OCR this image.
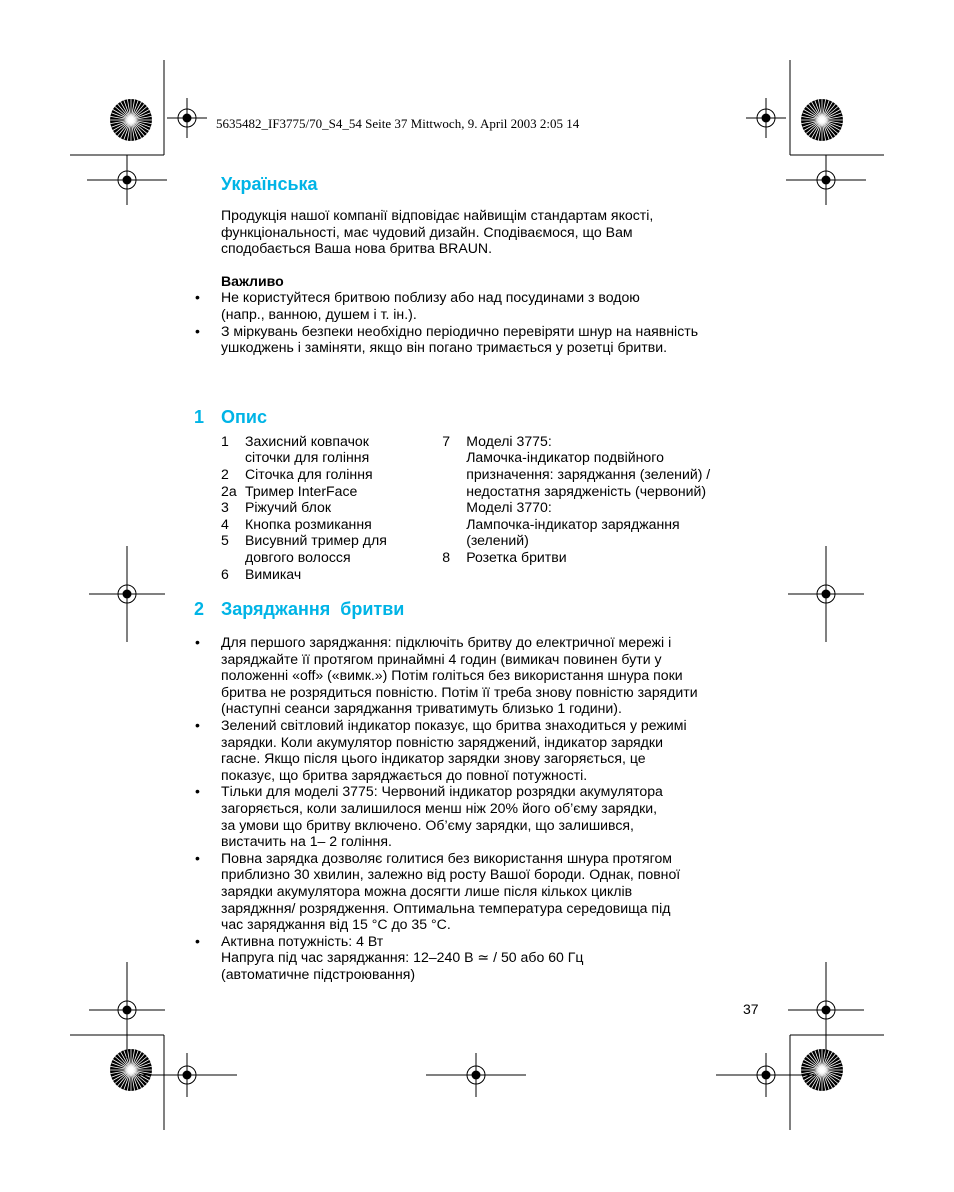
5635482_IF3775/70_S4_54 Seite 37 Mittwoch, 9. April 2003 2:05 14
Українська

Продукція нашої компанії відповідає найвищім стандартам якості,
функціональності, має чудовий дизайн. Сподіваємося, що Вам
сподобається Ваша нова бритва BRAUN.

Важливо

• Не користуйтеся бритвою поблизу або над посудинами з водою
(напр., ванною, душем і т. ін.).
• З міркувань безпеки необхідно періодично перевіряти шнур на наявність
ушкоджень і заміняти, якщо він погано тримається у розетці бритви.
1 Опис
1	Захисний ковпачок
сіточки для гоління
2	Сіточка для гоління
2a Тример InterFace
3	Ріжучий блок
4	Кнопка розмикання
5	Висувний тример для
довгого волосся
6	Вимикач
7	Моделі 3775:
Ламочка-індикатор подвійного
призначення: заряджання (зелений) /
недостатня зарядженість (червоний)
Моделі 3770:
Лампочка-індикатор заряджання
(зелений)
8	Розетка бритви
2 Заряджання  бритви
• Для першого заряджання: підключіть бритву до електричної мережі і
заряджайте її протягом принаймні 4 годин (вимикач повинен бути у
положенні «off» («вимк.») Потім голіться без використання шнура поки
бритва не розрядиться повністю. Потім її треба знову повністю зарядити
(наступні сеанси заряджання триватимуть близько 1 години).
• Зелений світловий індикатор показує, що бритва знаходиться у режимі
зарядки. Коли акумулятор повністю заряджений, індикатор зарядки
гасне. Якщо після цього індикатор зарядки знову загоряється, це
показує, що бритва заряджається до повної потужності.
• Тільки для моделі 3775: Червоний індикатор розрядки акумулятора
загоряється, коли залишилося менш ніж 20% його об’єму зарядки,
за умови що бритву включено. Об’єму зарядки, що залишився,
вистачить на 1– 2 гоління.
• Повна зарядка дозволяє голитися без використання шнура протягом
приблизно 30 хвилин, залежно від росту Вашої бороди. Однак, повної
зарядки акумулятора можна досягти лише після кількох циклів
заряджння/ розрядження. Оптимальна температура середовища під
час заряджання від 15 °C до 35 °C.
• Активна потужність: 4 Вт
Напруга під час заряджання: 12–240 В ≃ / 50 або 60 Гц
(автоматичне підстроювання)
37
